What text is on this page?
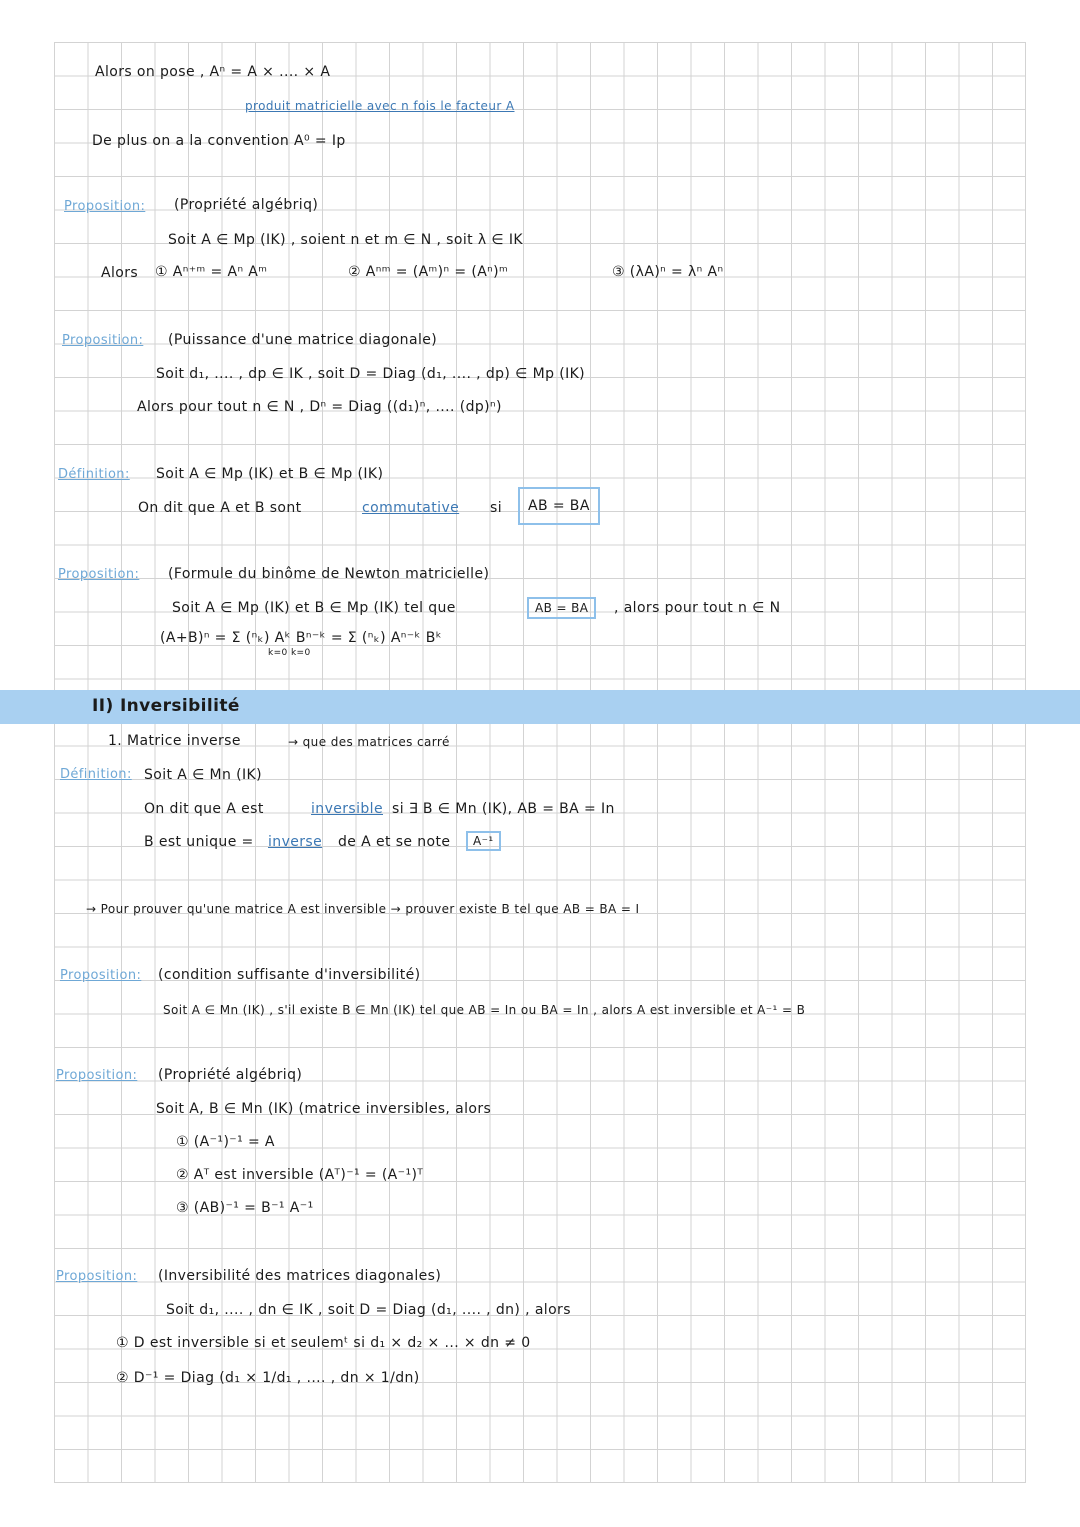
Alors on pose , Aⁿ = A × .... × A
produit matricielle avec n fois le facteur A
De plus on a la convention A⁰ = Ip
Proposition: (Propriété algébriq)
Soit A ∈ Mp (IK) , soient n et m ∈ N , soit λ ∈ IK
Alors ① Aⁿ⁺ᵐ = Aⁿ Aᵐ	② Aⁿᵐ = (Aᵐ)ⁿ = (Aⁿ)ᵐ	③ (λA)ⁿ = λⁿ Aⁿ
Proposition: (Puissance d'une matrice diagonale)
Soit d₁, .... , dp ∈ IK , soit D = Diag (d₁, .... , dp) ∈ Mp (IK)
Alors pour tout n ∈ N , Dⁿ = Diag ((d₁)ⁿ, .... (dp)ⁿ)
Définition: Soit A ∈ Mp (IK) et B ∈ Mp (IK)
On dit que A et B sont	commutative si	AB = BA
Proposition: (Formule du binôme de Newton matricielle)
Soit A ∈ Mp (IK) et B ∈ Mp (IK) tel que	AB = BA	, alors pour tout n ∈ N
(A+B)ⁿ = Σ (ⁿₖ) Aᵏ Bⁿ⁻ᵏ = Σ (ⁿₖ) Aⁿ⁻ᵏ Bᵏ
k=0 k=0
II) Inversibilité
1. Matrice inverse	→ que des matrices carré
Définition: Soit A ∈ Mn (IK)
On dit que A est	inversible si ∃ B ∈ Mn (IK), AB = BA = In
B est unique = inverse de A et se note	A⁻¹
→ Pour prouver qu'une matrice A est inversible → prouver existe B tel que AB = BA = I
Proposition: (condition suffisante d'inversibilité)
Soit A ∈ Mn (IK) , s'il existe B ∈ Mn (IK) tel que AB = In ou BA = In , alors A est inversible et A⁻¹ = B
Proposition: (Propriété algébriq)
Soit A, B ∈ Mn (IK) (matrice inversibles, alors
① (A⁻¹)⁻¹ = A
② Aᵀ est inversible (Aᵀ)⁻¹ = (A⁻¹)ᵀ
③ (AB)⁻¹ = B⁻¹ A⁻¹
Proposition: (Inversibilité des matrices diagonales)
Soit d₁, .... , dn ∈ IK , soit D = Diag (d₁, .... , dn) , alors
① D est inversible si et seulemᵗ si d₁ × d₂ × ... × dn ≠ 0
② D⁻¹ = Diag (d₁ × 1/d₁ , .... , dn × 1/dn)
